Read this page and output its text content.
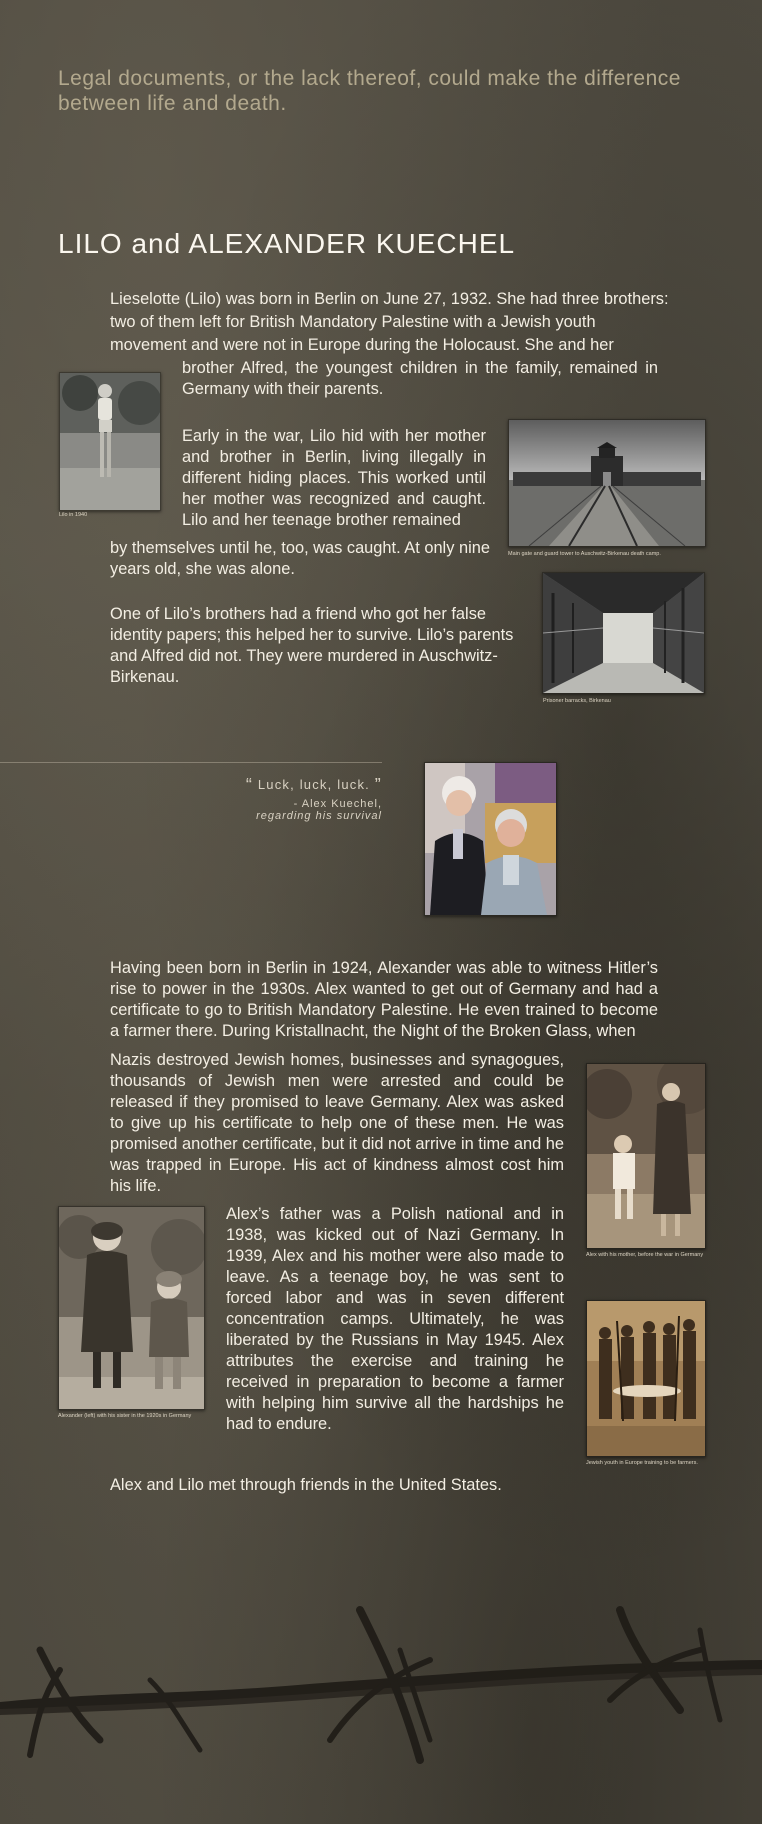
Legal documents, or the lack thereof, could make the difference between life and death.
LILO and ALEXANDER KUECHEL
Lieselotte (Lilo) was born in Berlin on June 27, 1932. She had three brothers:
two of them left for British Mandatory Palestine with a Jewish youth
movement and were not in Europe during the Holocaust. She and her
brother Alfred, the youngest children in the family, remained in Germany with their parents.
Lilo in 1940
Early in the war, Lilo hid with her mother and brother in Berlin, living illegally in different hiding places. This worked until her mother was recognized and caught. Lilo and her teenage brother remained
by themselves until he, too, was caught. At only nine years old, she was alone.
Main gate and guard tower to Auschwitz-Birkenau death camp.
Prisoner barracks, Birkenau
One of Lilo’s brothers had a friend who got her false identity papers; this helped her to survive. Lilo’s parents and Alfred did not. They were murdered in Auschwitz-Birkenau.
“ Luck, luck, luck. ”
- Alex Kuechel,
regarding his survival
Having been born in Berlin in 1924, Alexander was able to witness Hitler’s rise to power in the 1930s. Alex wanted to get out of Germany and had a certificate to go to British Mandatory Palestine. He even trained to become a farmer there. During Kristallnacht, the Night of the Broken Glass, when
Nazis destroyed Jewish homes, businesses and synagogues, thousands of Jewish men were arrested and could be released if they promised to leave Germany. Alex was asked to give up his certificate to help one of these men. He was promised another certificate, but it did not arrive in time and he was trapped in Europe. His act of kindness almost cost him his life.
Alex with his mother, before the war in Germany
Alexander (left) with his sister in the 1920s in Germany
Alex’s father was a Polish national and in 1938, was kicked out of Nazi Germany. In 1939, Alex and his mother were also made to leave. As a teenage boy, he was sent to forced labor and was in seven different concentration camps. Ultimately, he was liberated by the Russians in May 1945. Alex attributes the exercise and training he received in preparation to become a farmer with helping him survive all the hardships he had to endure.
Jewish youth in Europe training to be farmers.
Alex and Lilo met through friends in the United States.
